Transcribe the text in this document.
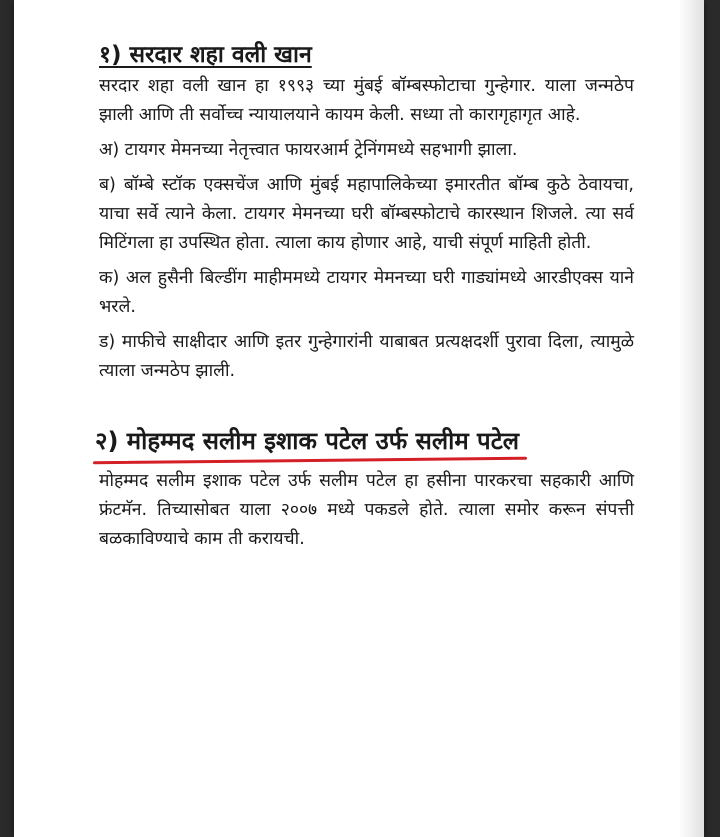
१) सरदार शहा वली खान

सरदार शहा वली खान हा १९९३ च्या मुंबई बॉम्बस्फोटाचा गुन्हेगार. याला जन्मठेप झाली आणि ती सर्वोच्च न्यायालयाने कायम केली. सध्या तो कारागृहागृत आहे.

अ) टायगर मेमनच्या नेतृत्त्वात फायरआर्म ट्रेनिंगमध्ये सहभागी झाला.

ब) बॉम्बे स्टॉक एक्सचेंज आणि मुंबई महापालिकेच्या इमारतीत बॉम्ब कुठे ठेवायचा, याचा सर्वे त्याने केला. टायगर मेमनच्या घरी बॉम्बस्फोटाचे कारस्थान शिजले. त्या सर्व मिटिंगला हा उपस्थित होता. त्याला काय होणार आहे, याची संपूर्ण माहिती होती.

क) अल हुसैनी बिल्डींग माहीममध्ये टायगर मेमनच्या घरी गाड्यांमध्ये आरडीएक्स याने भरले.

ड) माफीचे साक्षीदार आणि इतर गुन्हेगारांनी याबाबत प्रत्यक्षदर्शी पुरावा दिला, त्यामुळे त्याला जन्मठेप झाली.

२) मोहम्मद सलीम इशाक पटेल उर्फ सलीम पटेल

मोहम्मद सलीम इशाक पटेल उर्फ सलीम पटेल हा हसीना पारकरचा सहकारी आणि फ्रंटमॅन. तिच्यासोबत याला २००७ मध्ये पकडले होते. त्याला समोर करून संपत्ती बळकाविण्याचे काम ती करायची.
